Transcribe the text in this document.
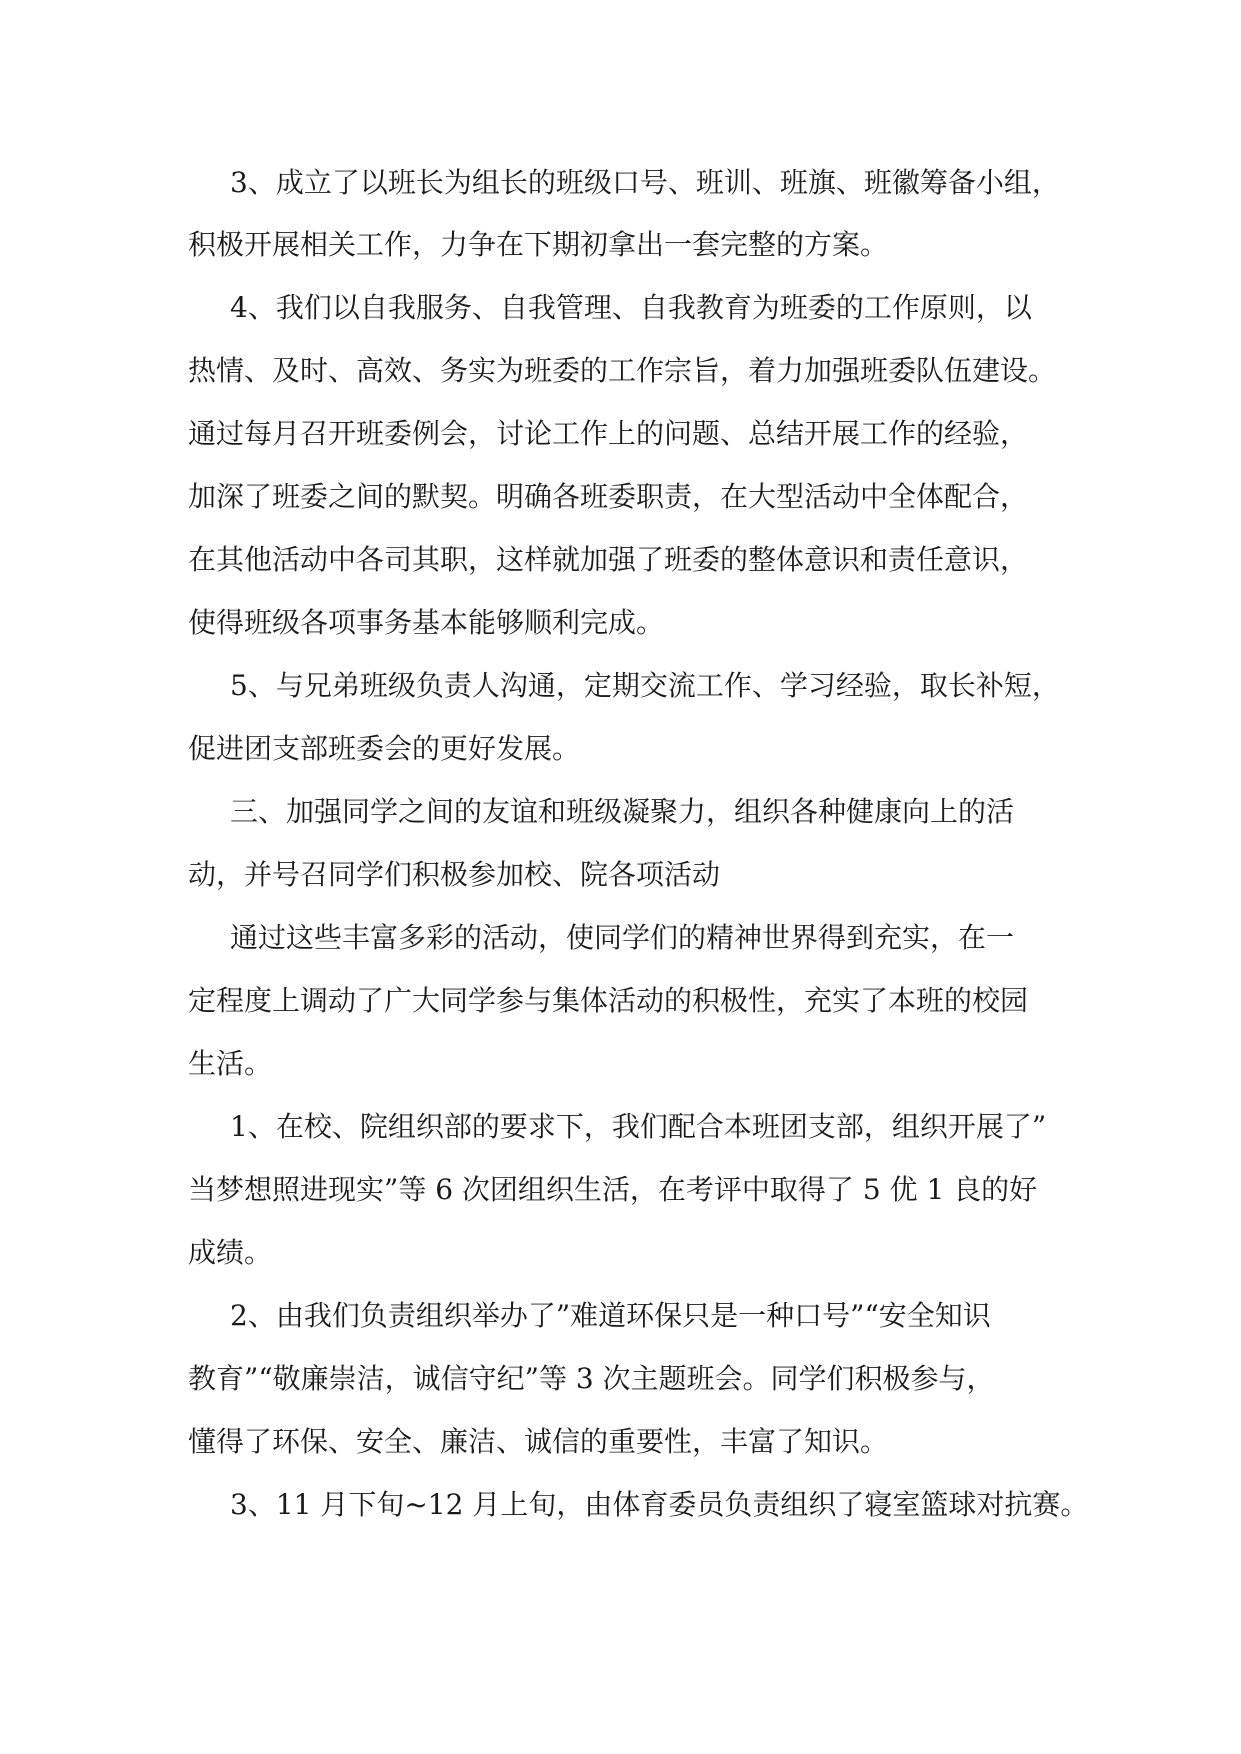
3、成立了以班长为组长的班级口号、班训、班旗、班徽筹备小组，
积极开展相关工作，力争在下期初拿出一套完整的方案。
4、我们以自我服务、自我管理、自我教育为班委的工作原则，以
热情、及时、高效、务实为班委的工作宗旨，着力加强班委队伍建设。
通过每月召开班委例会，讨论工作上的问题、总结开展工作的经验，
加深了班委之间的默契。明确各班委职责，在大型活动中全体配合，
在其他活动中各司其职，这样就加强了班委的整体意识和责任意识，
使得班级各项事务基本能够顺利完成。
5、与兄弟班级负责人沟通，定期交流工作、学习经验，取长补短，
促进团支部班委会的更好发展。
三、加强同学之间的友谊和班级凝聚力，组织各种健康向上的活
动，并号召同学们积极参加校、院各项活动
通过这些丰富多彩的活动，使同学们的精神世界得到充实，在一
定程度上调动了广大同学参与集体活动的积极性，充实了本班的校园
生活。
1、在校、院组织部的要求下，我们配合本班团支部，组织开展了”
当梦想照进现实”等 6 次团组织生活，在考评中取得了 5 优 1 良的好
成绩。
2、由我们负责组织举办了”难道环保只是一种口号”“安全知识
教育”“敬廉崇洁，诚信守纪”等 3 次主题班会。同学们积极参与，
懂得了环保、安全、廉洁、诚信的重要性，丰富了知识。
3、11 月下旬~12 月上旬，由体育委员负责组织了寝室篮球对抗赛。
